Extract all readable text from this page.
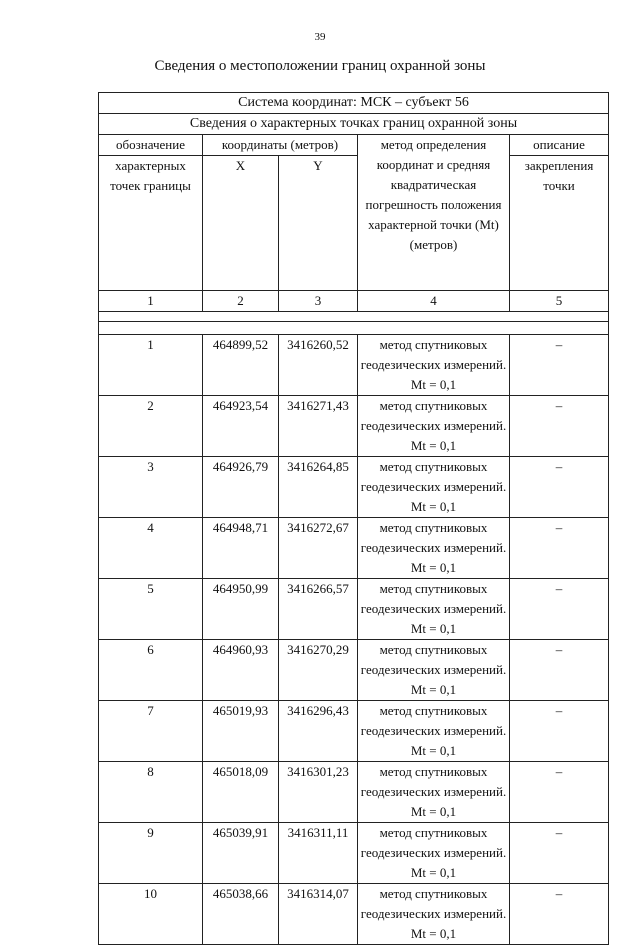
39
Сведения о местоположении границ охранной зоны
Система координат: МСК – субъект 56				
Сведения о характерных точках границ охранной зоны				
обозначение	координаты (метров)		метод определения координат и средняя квадратическая погрешность положения характерной точки (Mt) (метров)	описание
характерных точек границы	X	Y		закрепления точки
1	2	3	4	5

1	464899,52	3416260,52	метод спутниковых геодезических измерений. Mt = 0,1	–
2	464923,54	3416271,43	метод спутниковых геодезических измерений. Mt = 0,1	–
3	464926,79	3416264,85	метод спутниковых геодезических измерений. Mt = 0,1	–
4	464948,71	3416272,67	метод спутниковых геодезических измерений. Mt = 0,1	–
5	464950,99	3416266,57	метод спутниковых геодезических измерений. Mt = 0,1	–
6	464960,93	3416270,29	метод спутниковых геодезических измерений. Mt = 0,1	–
7	465019,93	3416296,43	метод спутниковых геодезических измерений. Mt = 0,1	–
8	465018,09	3416301,23	метод спутниковых геодезических измерений. Mt = 0,1	–
9	465039,91	3416311,11	метод спутниковых геодезических измерений. Mt = 0,1	–
10	465038,66	3416314,07	метод спутниковых геодезических измерений. Mt = 0,1	–
